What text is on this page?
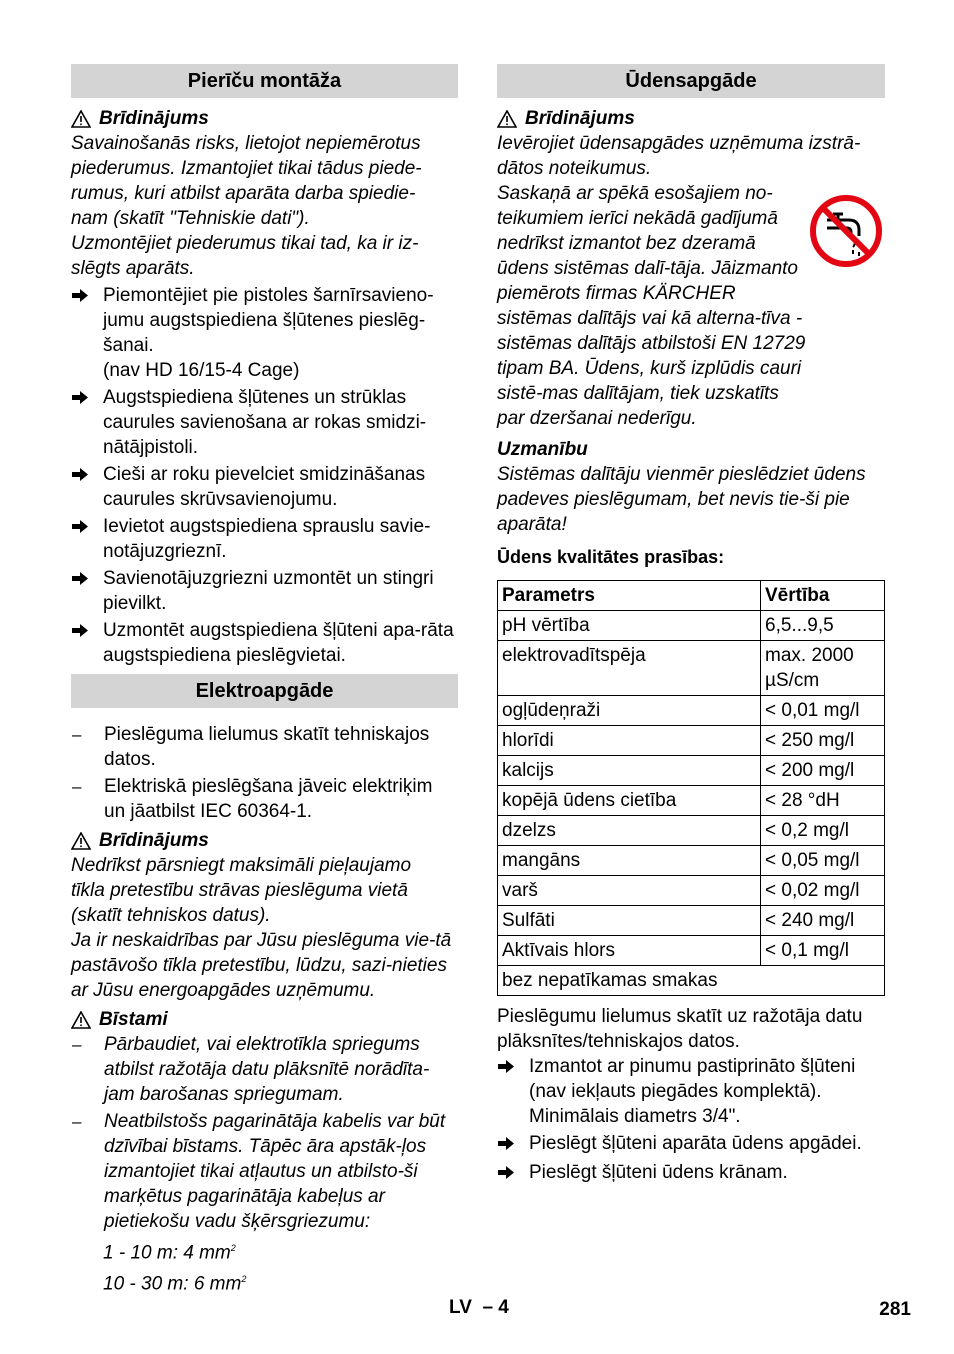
Pierīču montāža
Brīdinājums

Savainošanās risks, lietojot nepiemērotus piederumus. Izmantojiet tikai tādus piede-rumus, kuri atbilst aparāta darba spiedie-nam (skatīt "Tehniskie dati").

Uzmontējiet piederumus tikai tad, ka ir iz-slēgts aparāts.

Piemontējiet pie pistoles šarnīrsavieno-jumu augstspiediena šļūtenes pieslēg-šanai.
(nav HD 16/15-4 Cage)
Augstspiediena šļūtenes un strūklas caurules savienošana ar rokas smidzi-nātājpistoli.
Cieši ar roku pievelciet smidzināšanas caurules skrūvsavienojumu.
Ievietot augstspiediena sprauslu savie-notājuzgrieznī.
Savienotājuzgriezni uzmontēt un stingri pievilkt.
Uzmontēt augstspiediena šļūteni apa-rāta augstspiediena pieslēgvietai.
Elektroapgāde
–	Pieslēguma lielumus skatīt tehniskajos datos.
–	Elektriskā pieslēgšana jāveic elektriķim un jāatbilst IEC 60364-1.
Brīdinājums

Nedrīkst pārsniegt maksimāli pieļaujamo tīkla pretestību strāvas pieslēguma vietā (skatīt tehniskos datus).

Ja ir neskaidrības par Jūsu pieslēguma vie-tā pastāvošo tīkla pretestību, lūdzu, sazi-nieties ar Jūsu energoapgādes uzņēmumu.

Bīstami
–	Pārbaudiet, vai elektrotīkla spriegums atbilst ražotāja datu plāksnītē norādīta-jam barošanas spriegumam.
–	Neatbilstošs pagarinātāja kabelis var būt dzīvībai bīstams. Tāpēc āra apstāk-ļos izmantojiet tikai atļautus un atbilsto-ši marķētus pagarinātāja kabeļus ar pietiekošu vadu šķērsgriezumu:
1 - 10 m: 4 $mm^2$
10 - 30 m: 6 $mm^2$
Ūdensapgāde
Brīdinājums

Ievērojiet ūdensapgādes uzņēmuma izstrā-dātos noteikumus.

Saskaņā ar spēkā esošajiem no-teikumiem ierīci nekādā gadījumā nedrīkst izmantot bez dzeramā ūdens sistēmas dalī-tāja. Jāizmanto piemērots firmas KÄRCHER sistēmas dalītājs vai kā alterna-tīva - sistēmas dalītājs atbilstoši EN 12729 tipam BA. Ūdens, kurš izplūdis cauri sistē-mas dalītājam, tiek uzskatīts par dzeršanai nederīgu.

Uzmanību

Sistēmas dalītāju vienmēr pieslēdziet ūdens padeves pieslēgumam, bet nevis tie-ši pie aparāta!

Ūdens kvalitātes prasības:

Parametrs	Vērtība
pH vērtība	6,5...9,5
elektrovadītspēja	max. 2000 µS/cm
ogļūdeņraži	< 0,01 mg/l
hlorīdi	< 250 mg/l
kalcijs	< 200 mg/l
kopējā ūdens cietība	< 28 °dH
dzelzs	< 0,2 mg/l
mangāns	< 0,05 mg/l
varš	< 0,02 mg/l
Sulfāti	< 240 mg/l
Aktīvais hlors	< 0,1 mg/l
bez nepatīkamas smakas	

Pieslēgumu lielumus skatīt uz ražotāja datu plāksnītes/tehniskajos datos.

Izmantot ar pinumu pastiprināto šļūteni (nav iekļauts piegādes komplektā). Minimālais diametrs 3/4".
Pieslēgt šļūteni aparāta ūdens apgādei.
Pieslēgt šļūteni ūdens krānam.
LV – 4	281
